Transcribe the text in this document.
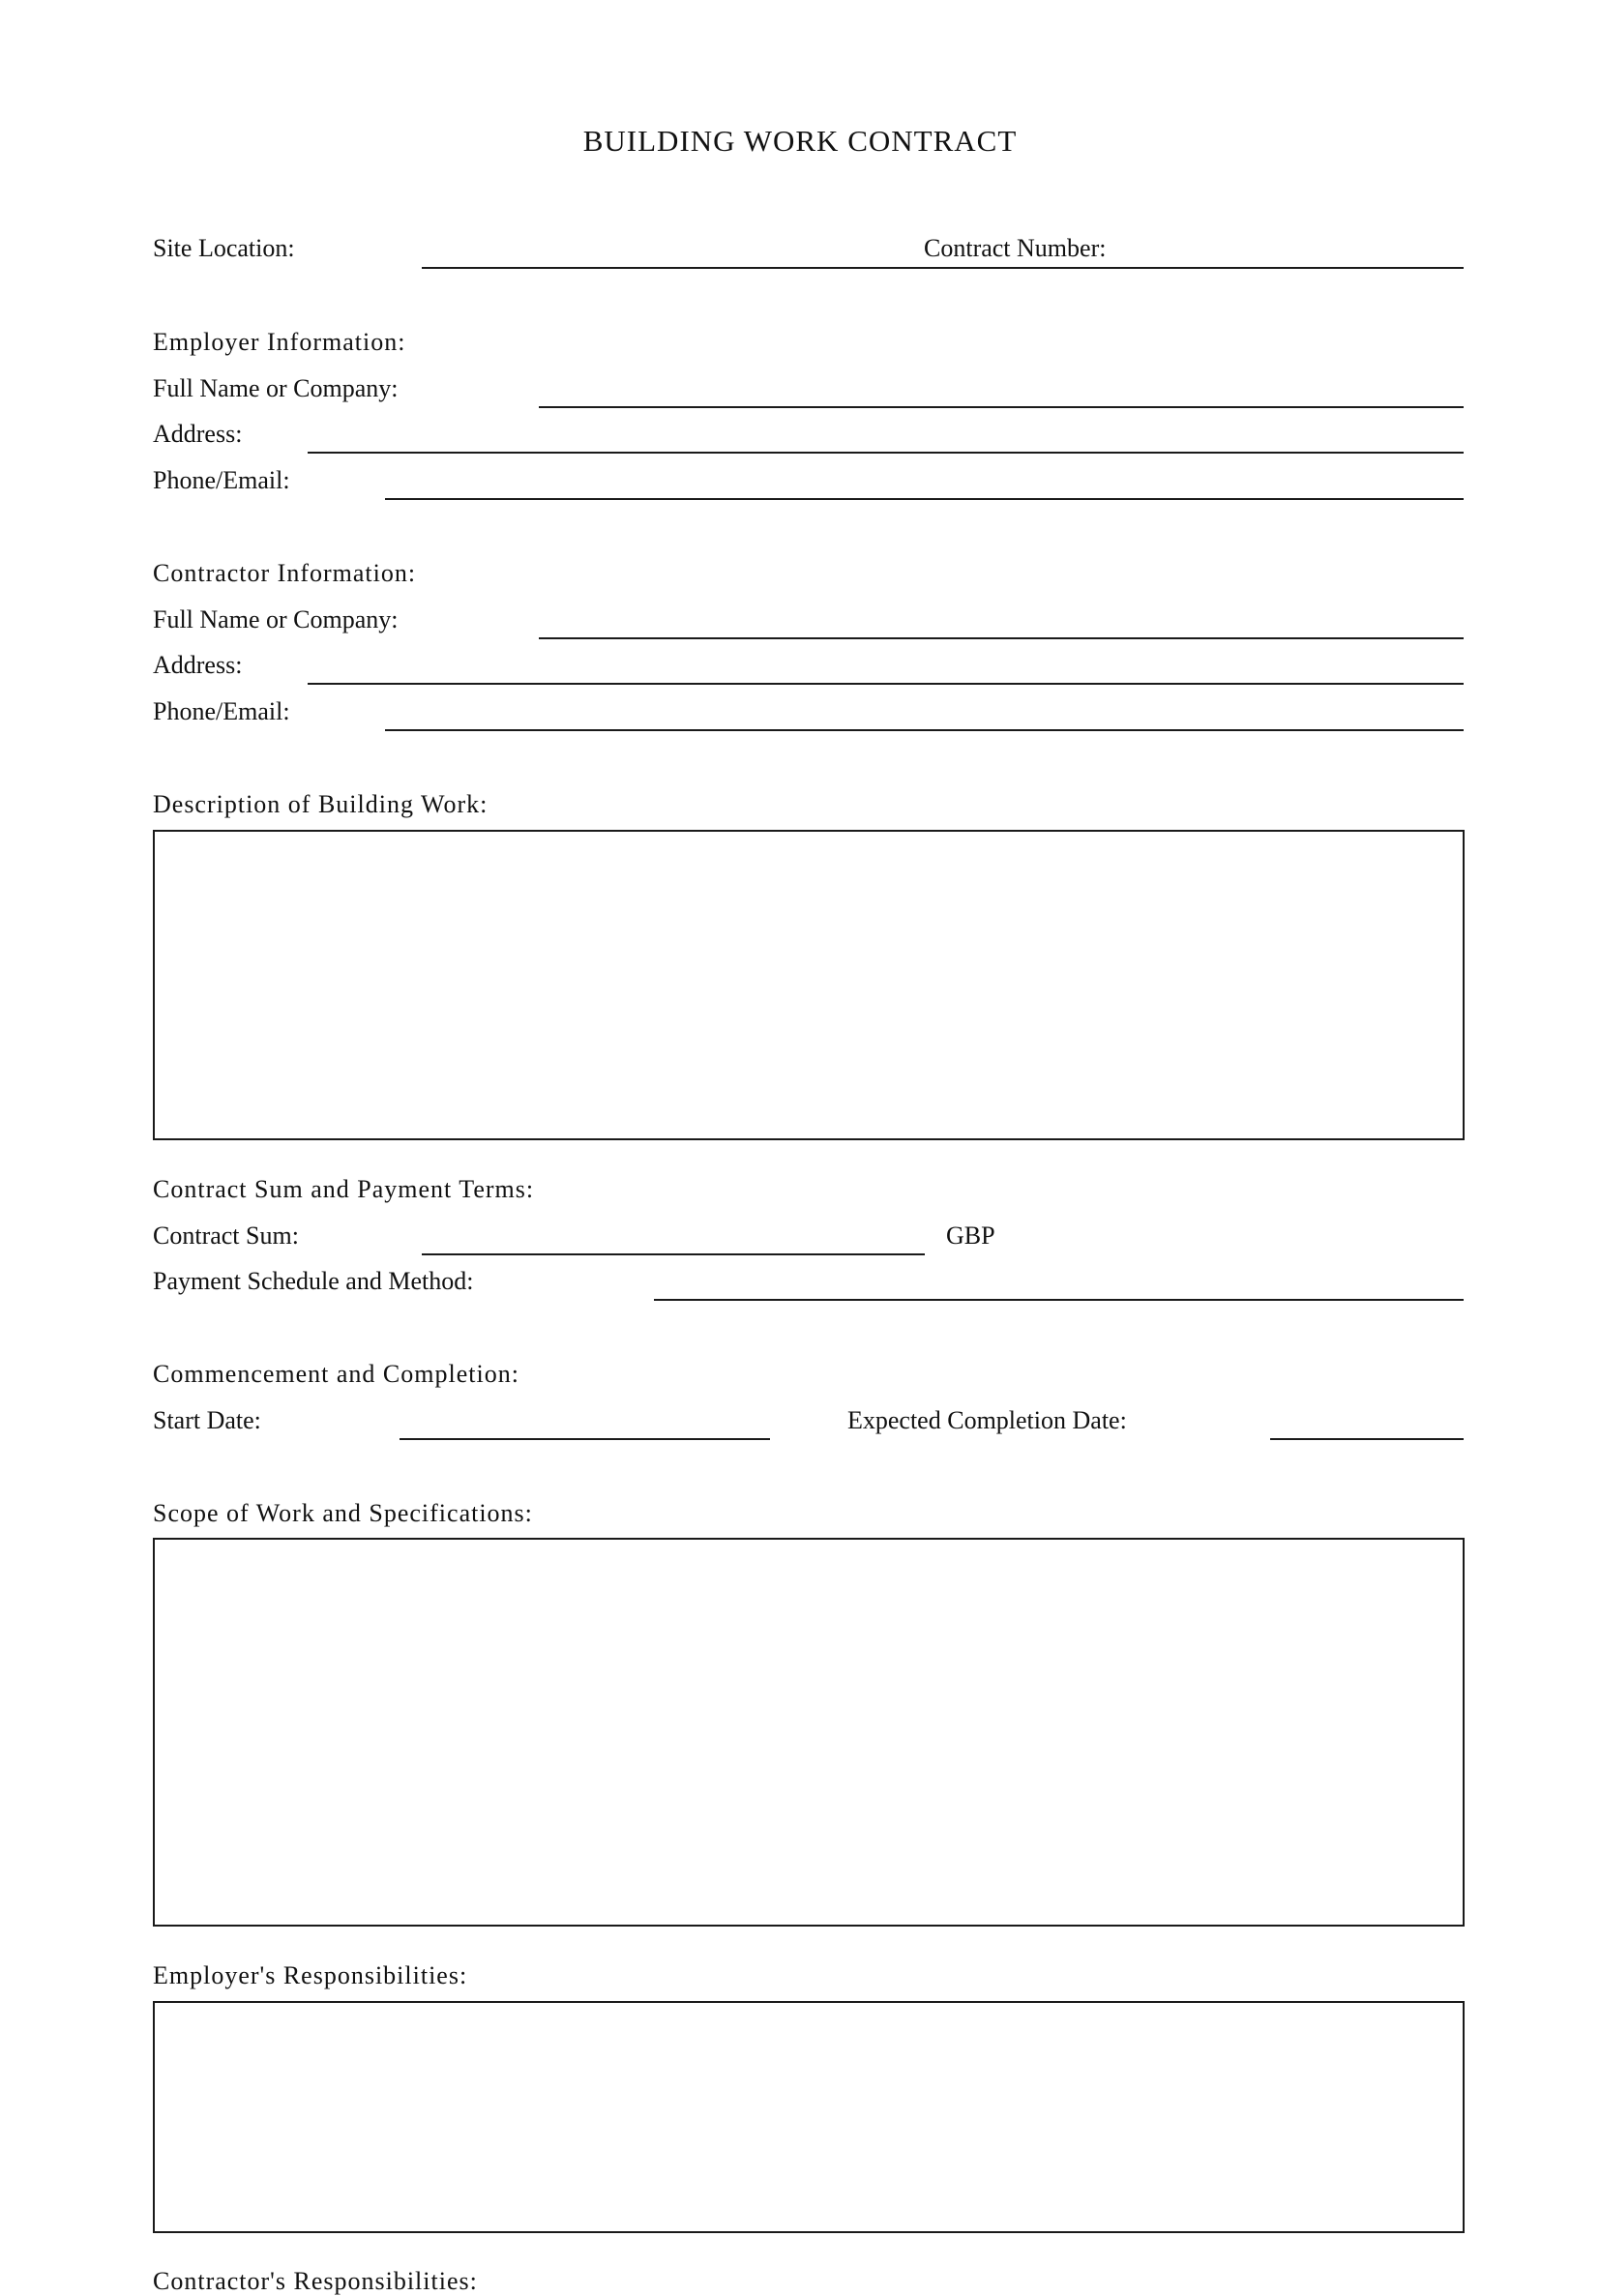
BUILDING WORK CONTRACT
Site Location:	Contract Number:
Employer Information:
Full Name or Company:
Address:
Phone/Email:
Contractor Information:
Full Name or Company:
Address:
Phone/Email:
Description of Building Work:
Contract Sum and Payment Terms:
Contract Sum:	GBP
Payment Schedule and Method:
Commencement and Completion:
Start Date:	Expected Completion Date:
Scope of Work and Specifications:
Employer's Responsibilities:
Contractor's Responsibilities:
